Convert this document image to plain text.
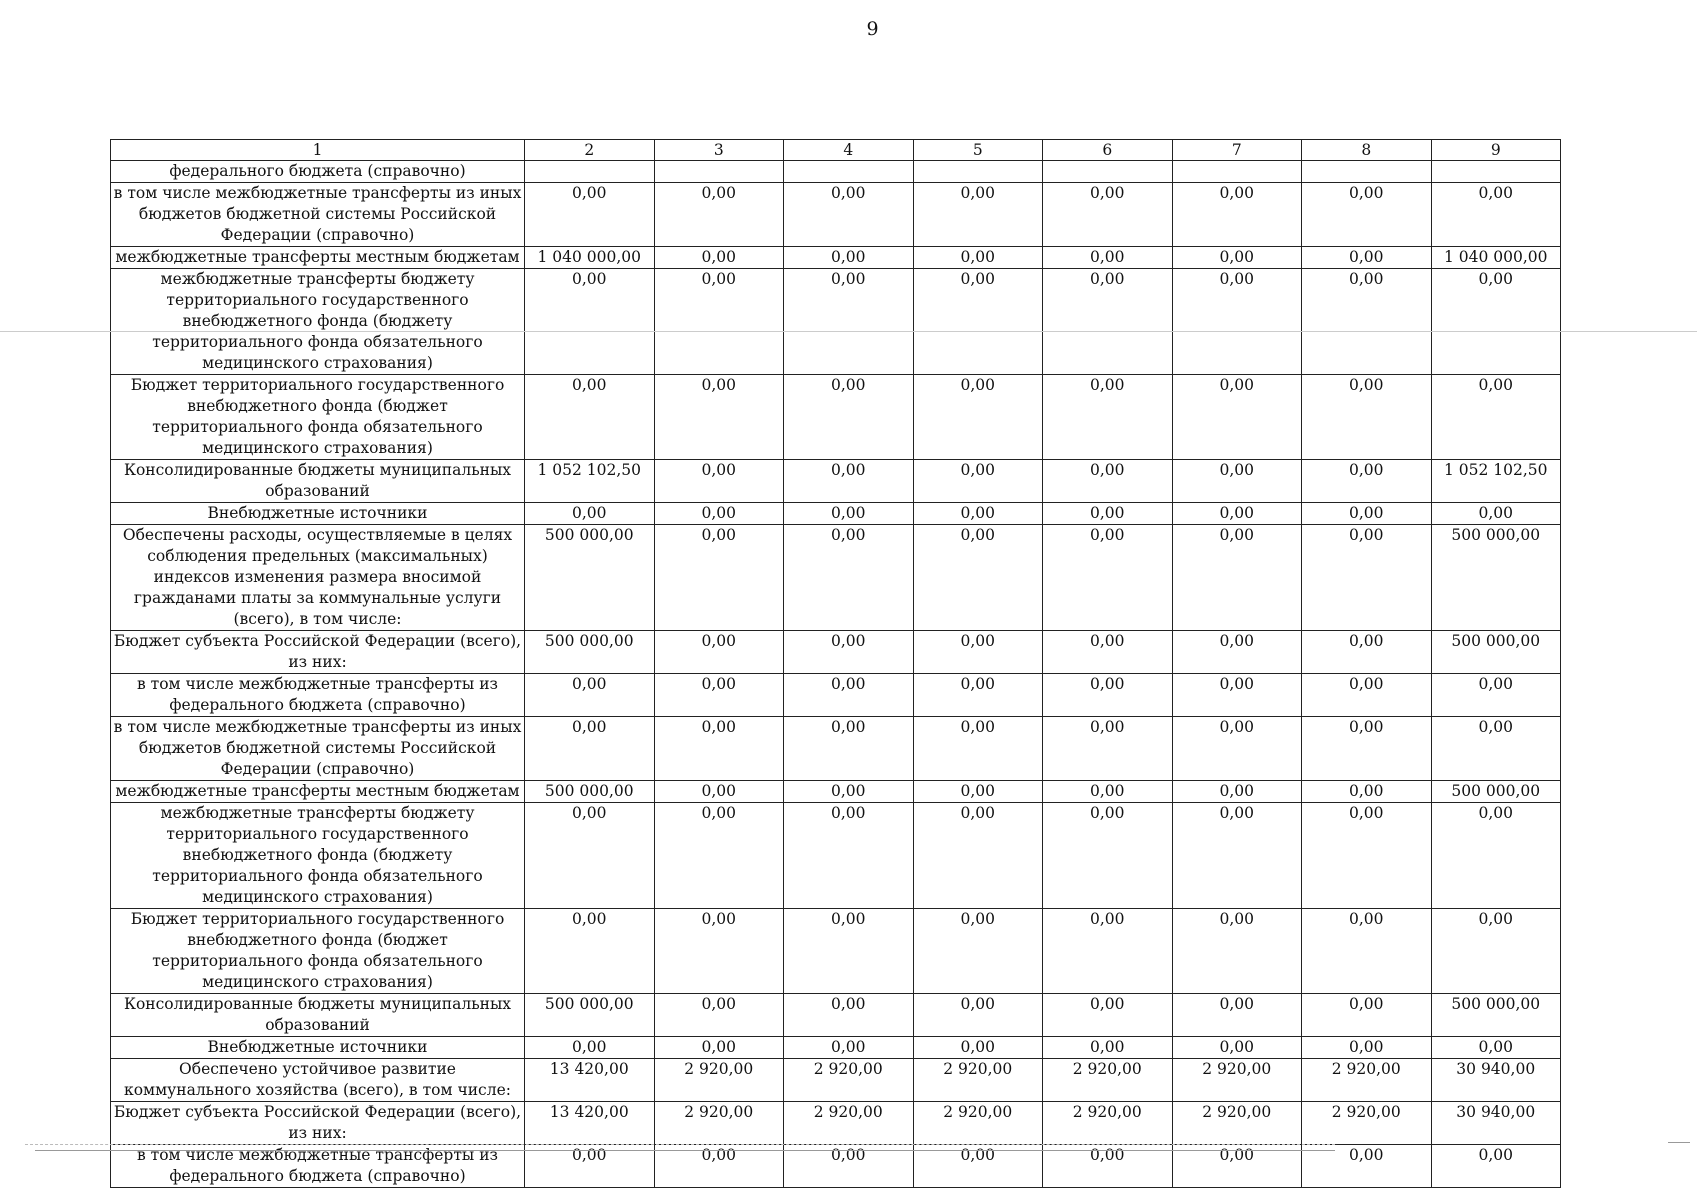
9
1	2	3	4	5	6	7	8	9
федерального бюджета (справочно)								
в том числе межбюджетные трансферты из иных бюджетов бюджетной системы Российской Федерации (справочно)	0,00	0,00	0,00	0,00	0,00	0,00	0,00	0,00
межбюджетные трансферты местным бюджетам	1 040 000,00	0,00	0,00	0,00	0,00	0,00	0,00	1 040 000,00
межбюджетные трансферты бюджету территориального государственного внебюджетного фонда (бюджету территориального фонда обязательного медицинского страхования)	0,00	0,00	0,00	0,00	0,00	0,00	0,00	0,00
Бюджет территориального государственного внебюджетного фонда (бюджет территориального фонда обязательного медицинского страхования)	0,00	0,00	0,00	0,00	0,00	0,00	0,00	0,00
Консолидированные бюджеты муниципальных образований	1 052 102,50	0,00	0,00	0,00	0,00	0,00	0,00	1 052 102,50
Внебюджетные источники	0,00	0,00	0,00	0,00	0,00	0,00	0,00	0,00
Обеспечены расходы, осуществляемые в целях соблюдения предельных (максимальных) индексов изменения размера вносимой гражданами платы за коммунальные услуги (всего), в том числе:	500 000,00	0,00	0,00	0,00	0,00	0,00	0,00	500 000,00
Бюджет субъекта Российской Федерации (всего), из них:	500 000,00	0,00	0,00	0,00	0,00	0,00	0,00	500 000,00
в том числе межбюджетные трансферты из федерального бюджета (справочно)	0,00	0,00	0,00	0,00	0,00	0,00	0,00	0,00
в том числе межбюджетные трансферты из иных бюджетов бюджетной системы Российской Федерации (справочно)	0,00	0,00	0,00	0,00	0,00	0,00	0,00	0,00
межбюджетные трансферты местным бюджетам	500 000,00	0,00	0,00	0,00	0,00	0,00	0,00	500 000,00
межбюджетные трансферты бюджету территориального государственного внебюджетного фонда (бюджету территориального фонда обязательного медицинского страхования)	0,00	0,00	0,00	0,00	0,00	0,00	0,00	0,00
Бюджет территориального государственного внебюджетного фонда (бюджет территориального фонда обязательного медицинского страхования)	0,00	0,00	0,00	0,00	0,00	0,00	0,00	0,00
Консолидированные бюджеты муниципальных образований	500 000,00	0,00	0,00	0,00	0,00	0,00	0,00	500 000,00
Внебюджетные источники	0,00	0,00	0,00	0,00	0,00	0,00	0,00	0,00
Обеспечено устойчивое развитие коммунального хозяйства (всего), в том числе:	13 420,00	2 920,00	2 920,00	2 920,00	2 920,00	2 920,00	2 920,00	30 940,00
Бюджет субъекта Российской Федерации (всего), из них:	13 420,00	2 920,00	2 920,00	2 920,00	2 920,00	2 920,00	2 920,00	30 940,00
в том числе межбюджетные трансферты из федерального бюджета (справочно)	0,00	0,00	0,00	0,00	0,00	0,00	0,00	0,00
